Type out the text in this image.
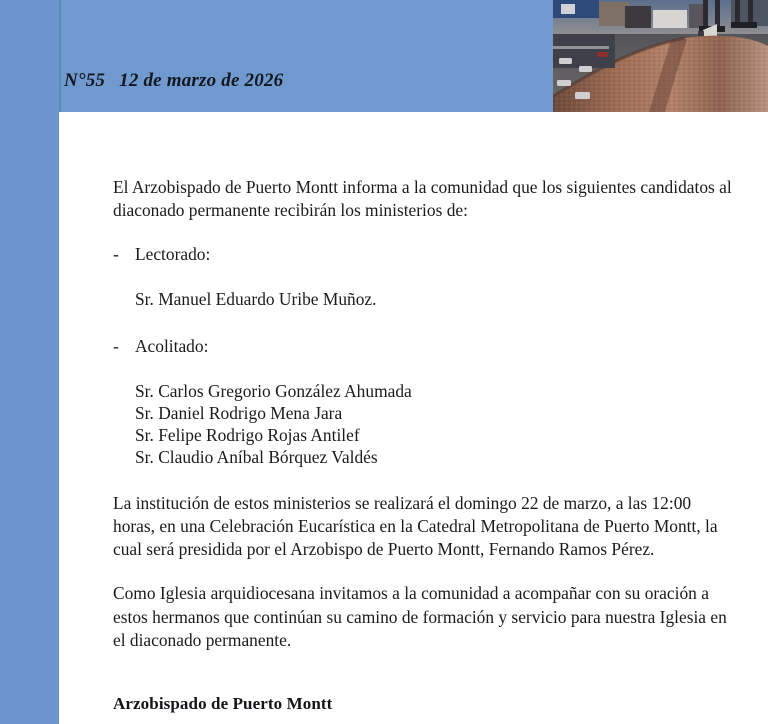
N°55 12 de marzo de 2026

El Arzobispado de Puerto Montt informa a la comunidad que los siguientes candidatos al diaconado permanente recibirán los ministerios de:

- Lectorado:
Sr. Manuel Eduardo Uribe Muñoz.
- Acolitado:
Sr. Carlos Gregorio González Ahumada
Sr. Daniel Rodrigo Mena Jara
Sr. Felipe Rodrigo Rojas Antilef
Sr. Claudio Aníbal Bórquez Valdés

La institución de estos ministerios se realizará el domingo 22 de marzo, a las 12:00 horas, en una Celebración Eucarística en la Catedral Metropolitana de Puerto Montt, la cual será presidida por el Arzobispo de Puerto Montt, Fernando Ramos Pérez.

Como Iglesia arquidiocesana invitamos a la comunidad a acompañar con su oración a estos hermanos que continúan su camino de formación y servicio para nuestra Iglesia en el diaconado permanente.

Arzobispado de Puerto Montt
